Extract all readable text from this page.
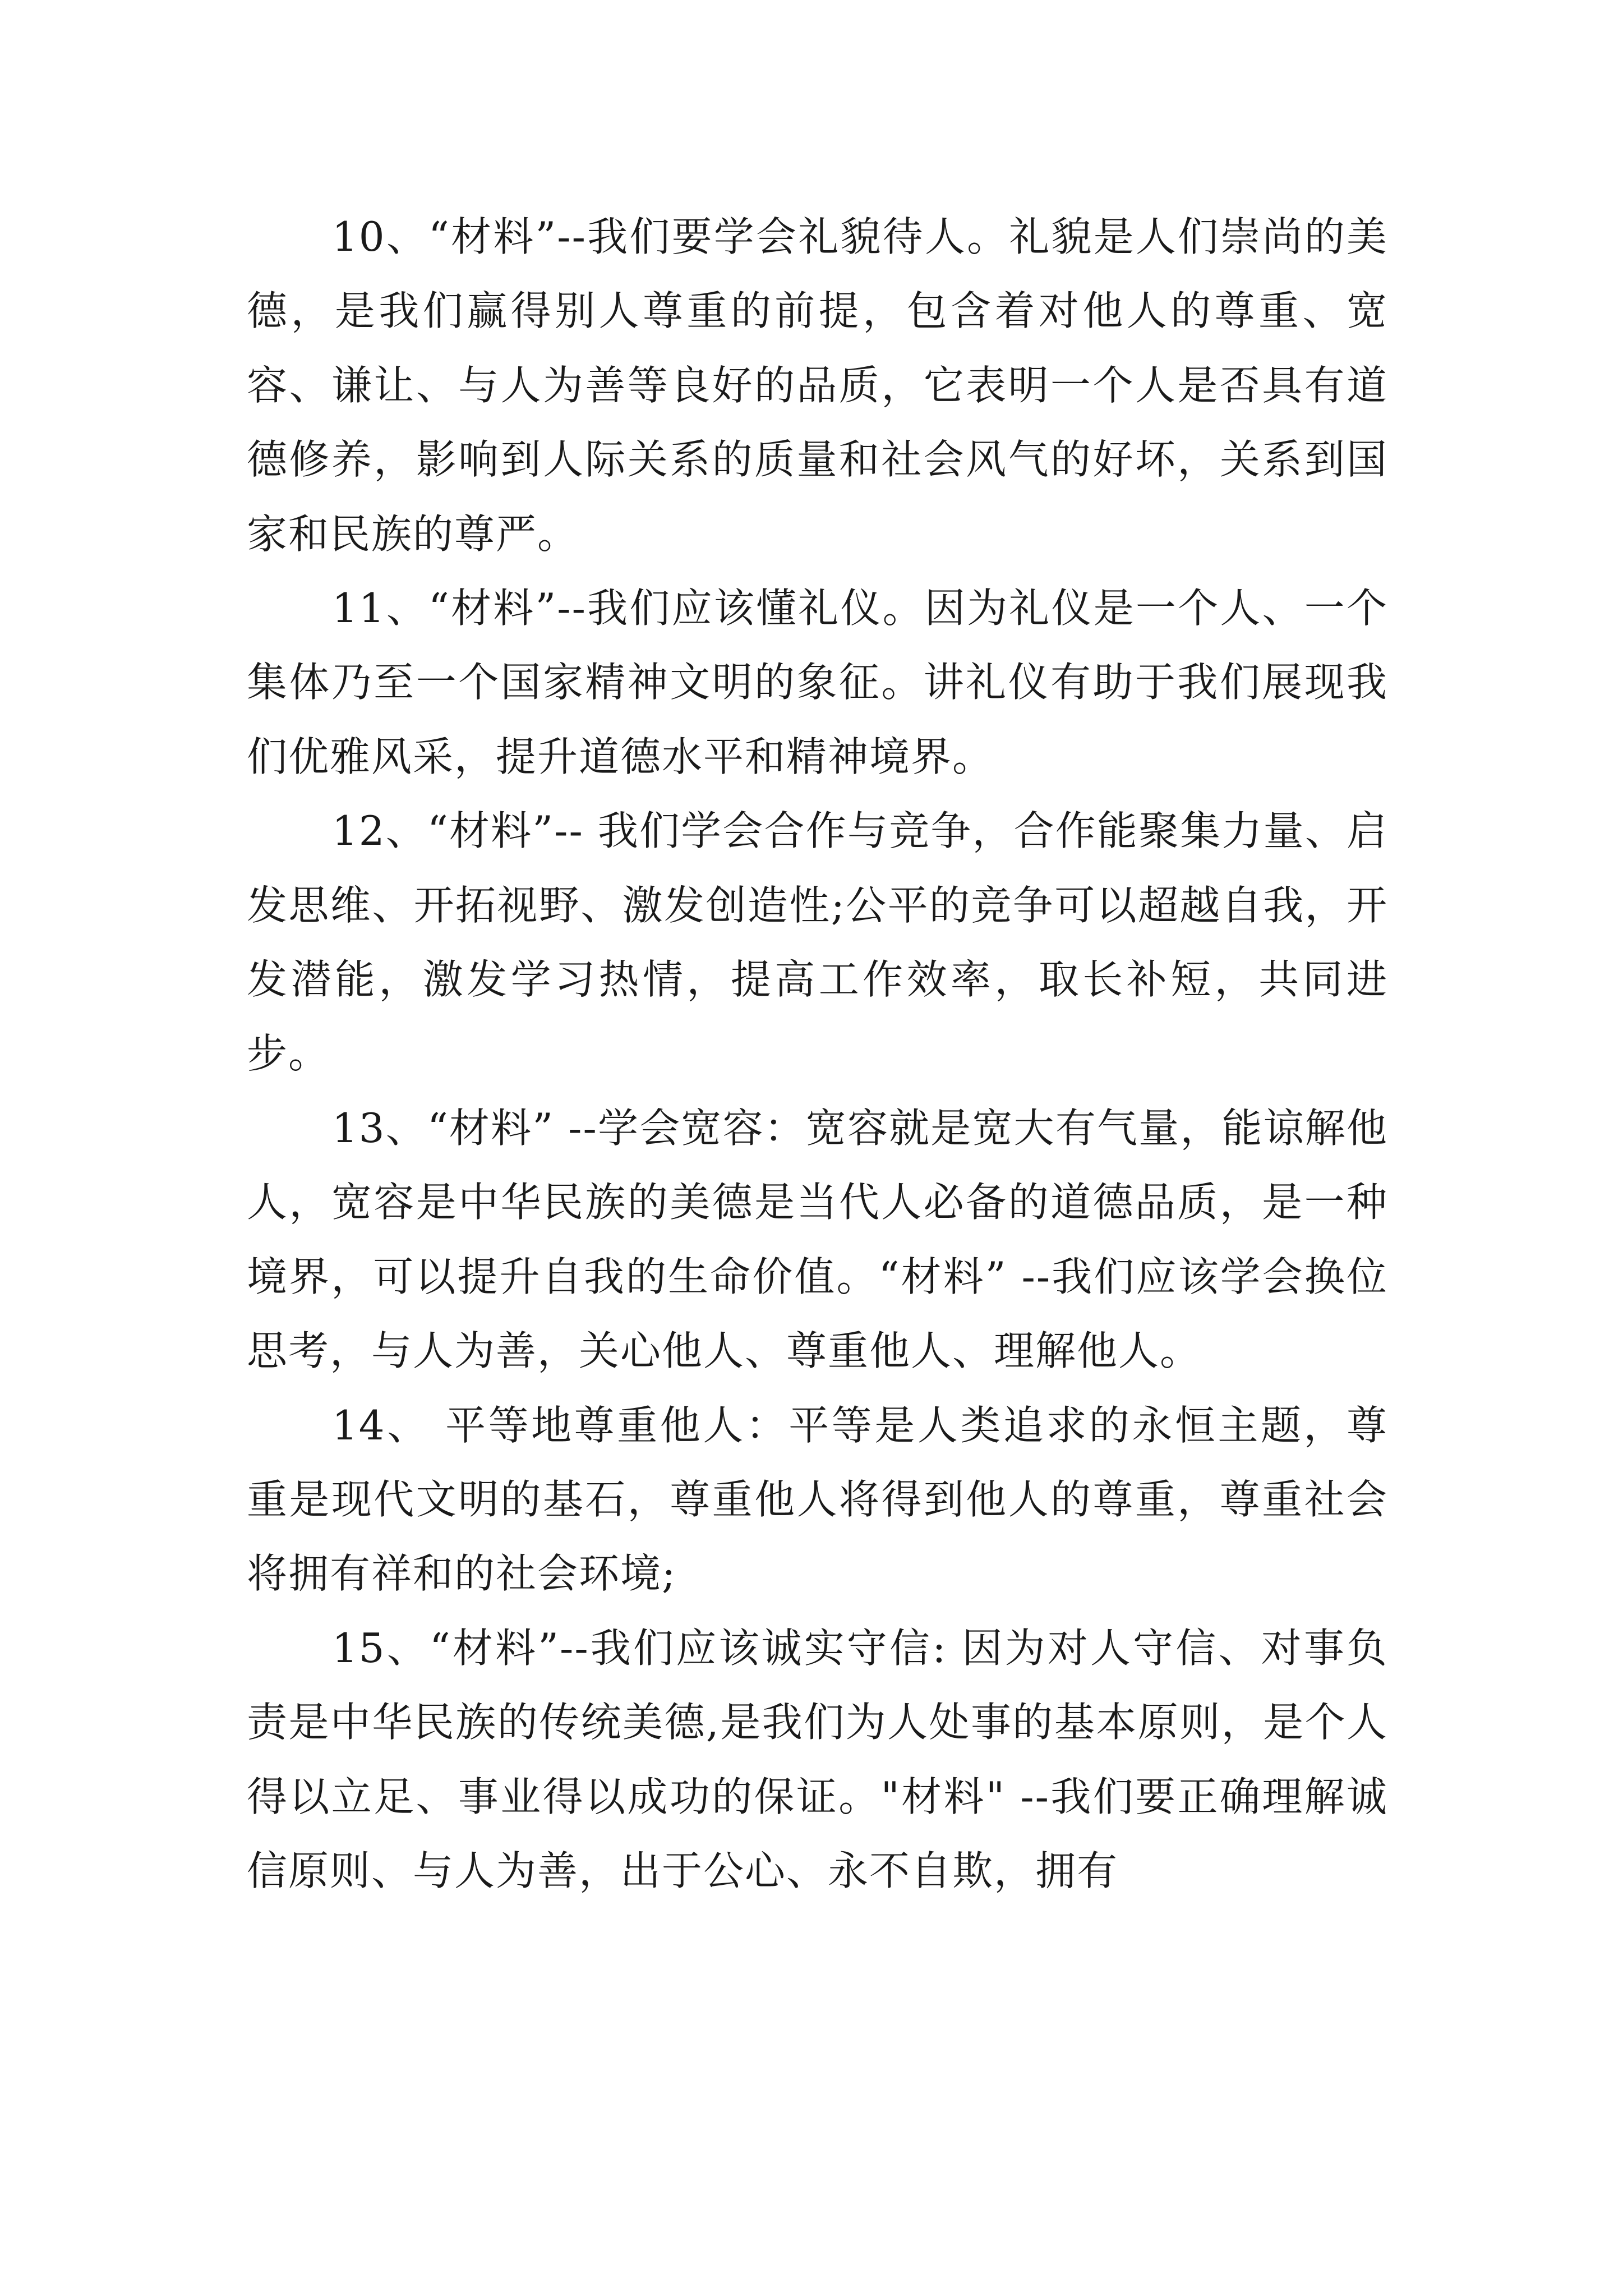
10、“材料”--我们要学会礼貌待人。礼貌是人们崇尚的美德，是我们赢得别人尊重的前提，包含着对他人的尊重、宽容、谦让、与人为善等良好的品质，它表明一个人是否具有道德修养，影响到人际关系的质量和社会风气的好坏，关系到国家和民族的尊严。

11、“材料”--我们应该懂礼仪。因为礼仪是一个人、一个集体乃至一个国家精神文明的象征。讲礼仪有助于我们展现我们优雅风采，提升道德水平和精神境界。

12、“材料”-- 我们学会合作与竞争，合作能聚集力量、启发思维、开拓视野、激发创造性;公平的竞争可以超越自我，开发潜能，激发学习热情，提高工作效率，取长补短，共同进步。

13、“材料” --学会宽容：宽容就是宽大有气量，能谅解他人，宽容是中华民族的美德是当代人必备的道德品质，是一种境界，可以提升自我的生命价值。“材料” --我们应该学会换位思考，与人为善，关心他人、尊重他人、理解他人。

14、 平等地尊重他人：平等是人类追求的永恒主题，尊重是现代文明的基石，尊重他人将得到他人的尊重，尊重社会将拥有祥和的社会环境;

15、“材料”--我们应该诚实守信: 因为对人守信、对事负责是中华民族的传统美德,是我们为人处事的基本原则，是个人得以立足、事业得以成功的保证。"材料" --我们要正确理解诚信原则、与人为善，出于公心、永不自欺，拥有
